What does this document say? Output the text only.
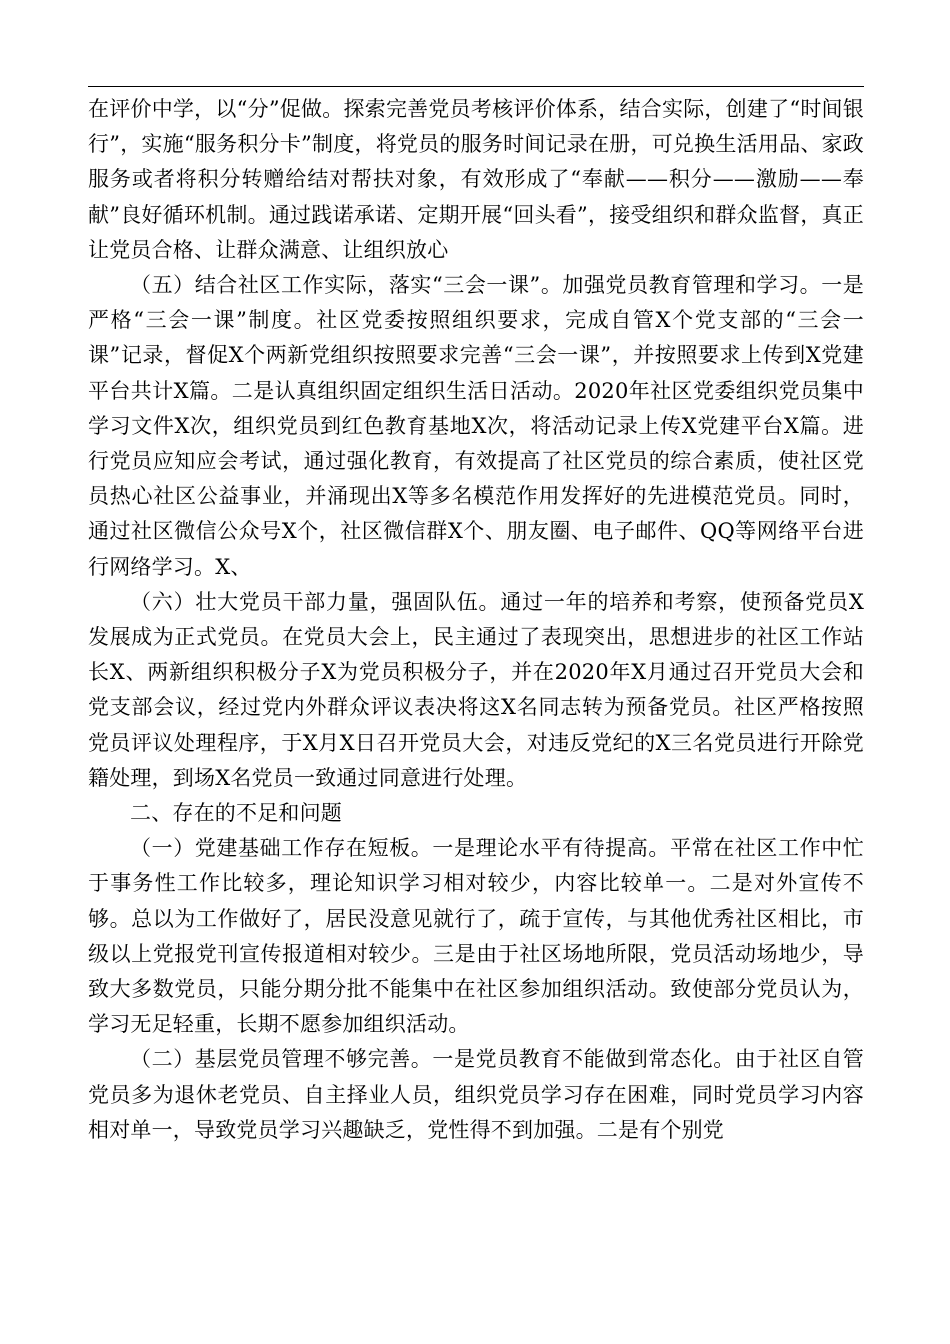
在评价中学，以“分”促做。探索完善党员考核评价体系，结合实际，创建了“时间银行”，实施“服务积分卡”制度，将党员的服务时间记录在册，可兑换生活用品、家政服务或者将积分转赠给结对帮扶对象，有效形成了“奉献——积分——激励——奉献”良好循环机制。通过践诺承诺、定期开展“回头看”，接受组织和群众监督，真正让党员合格、让群众满意、让组织放心

（五）结合社区工作实际，落实“三会一课”。加强党员教育管理和学习。一是严格“三会一课”制度。社区党委按照组织要求，完成自管X个党支部的“三会一课”记录，督促X个两新党组织按照要求完善“三会一课”，并按照要求上传到X党建平台共计X篇。二是认真组织固定组织生活日活动。2020年社区党委组织党员集中学习文件X次，组织党员到红色教育基地X次，将活动记录上传X党建平台X篇。进行党员应知应会考试，通过强化教育，有效提高了社区党员的综合素质，使社区党员热心社区公益事业，并涌现出X等多名模范作用发挥好的先进模范党员。同时，通过社区微信公众号X个，社区微信群X个、朋友圈、电子邮件、QQ等网络平台进行网络学习。X、

（六）壮大党员干部力量，强固队伍。通过一年的培养和考察，使预备党员X发展成为正式党员。在党员大会上，民主通过了表现突出，思想进步的社区工作站长X、两新组织积极分子X为党员积极分子，并在2020年X月通过召开党员大会和党支部会议，经过党内外群众评议表决将这X名同志转为预备党员。社区严格按照党员评议处理程序，于X月X日召开党员大会，对违反党纪的X三名党员进行开除党籍处理，到场X名党员一致通过同意进行处理。

二、存在的不足和问题

（一）党建基础工作存在短板。一是理论水平有待提高。平常在社区工作中忙于事务性工作比较多，理论知识学习相对较少，内容比较单一。二是对外宣传不够。总以为工作做好了，居民没意见就行了，疏于宣传，与其他优秀社区相比，市级以上党报党刊宣传报道相对较少。三是由于社区场地所限，党员活动场地少，导致大多数党员，只能分期分批不能集中在社区参加组织活动。致使部分党员认为，学习无足轻重，长期不愿参加组织活动。

（二）基层党员管理不够完善。一是党员教育不能做到常态化。由于社区自管党员多为退休老党员、自主择业人员，组织党员学习存在困难，同时党员学习内容相对单一，导致党员学习兴趣缺乏，党性得不到加强。二是有个别党
